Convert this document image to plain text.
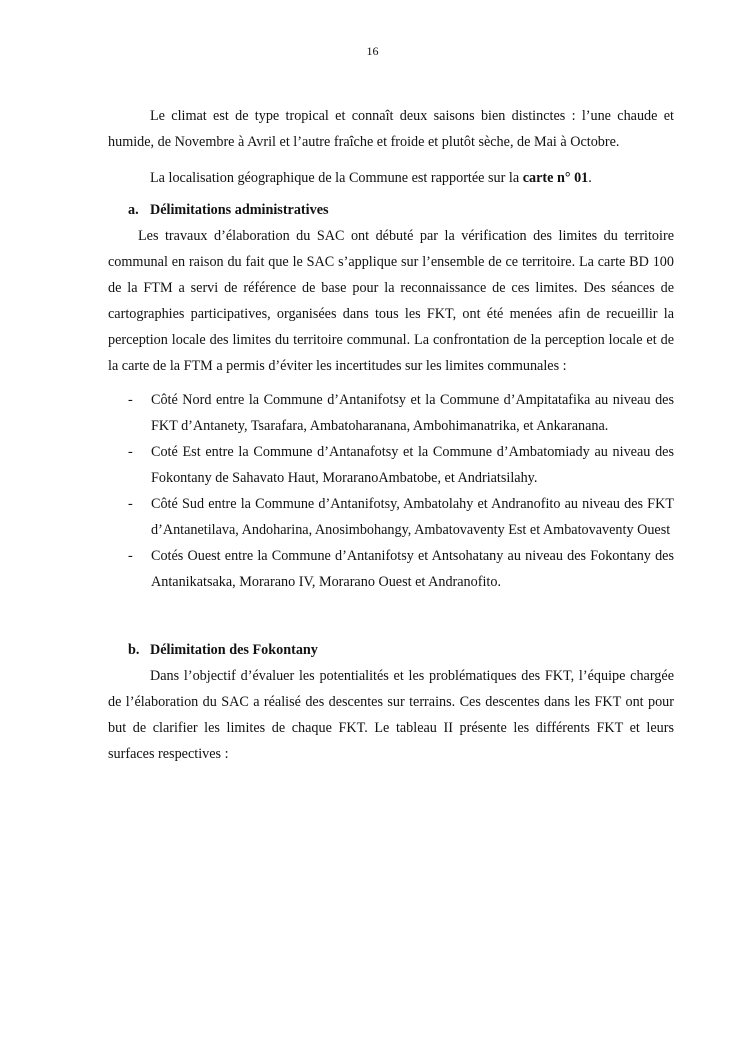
16

Le climat est de type tropical et connaît deux saisons bien distinctes : l’une chaude et humide, de Novembre à Avril et l’autre fraîche et froide et plutôt sèche, de Mai à Octobre.

La localisation géographique de la Commune est rapportée sur la carte n° 01.

a. Délimitations administratives

Les travaux d’élaboration du SAC ont débuté par la vérification des limites du territoire communal en raison du fait que le SAC s’applique sur l’ensemble de ce territoire. La carte BD 100 de la FTM a servi de référence de base pour la reconnaissance de ces limites. Des séances de cartographies participatives, organisées dans tous les FKT, ont été menées afin de recueillir la perception locale des limites du territoire communal. La confrontation de la perception locale et de la carte de la FTM a permis d’éviter les incertitudes sur les limites communales :

- Côté Nord entre la Commune d’Antanifotsy et la Commune d’Ampitatafika au niveau des FKT d’Antanety, Tsarafara, Ambatoharanana, Ambohimanatrika, et Ankaranana.
- Coté Est entre la Commune d’Antanafotsy et la Commune d’Ambatomiady au niveau des Fokontany de Sahavato Haut, MoraranoAmbatobe, et Andriatsilahy.
- Côté Sud entre la Commune d’Antanifotsy, Ambatolahy et Andranofito au niveau des FKT d’Antanetilava, Andoharina, Anosimbohangy, Ambatovaventy Est et Ambatovaventy Ouest
- Cotés Ouest entre la Commune d’Antanifotsy et Antsohatany au niveau des Fokontany des Antanikatsaka, Morarano IV, Morarano Ouest et Andranofito.
b. Délimitation des Fokontany

Dans l’objectif d’évaluer les potentialités et les problématiques des FKT, l’équipe chargée de l’élaboration du SAC a réalisé des descentes sur terrains. Ces descentes dans les FKT ont pour but de clarifier les limites de chaque FKT. Le tableau II présente les différents FKT et leurs surfaces respectives :
